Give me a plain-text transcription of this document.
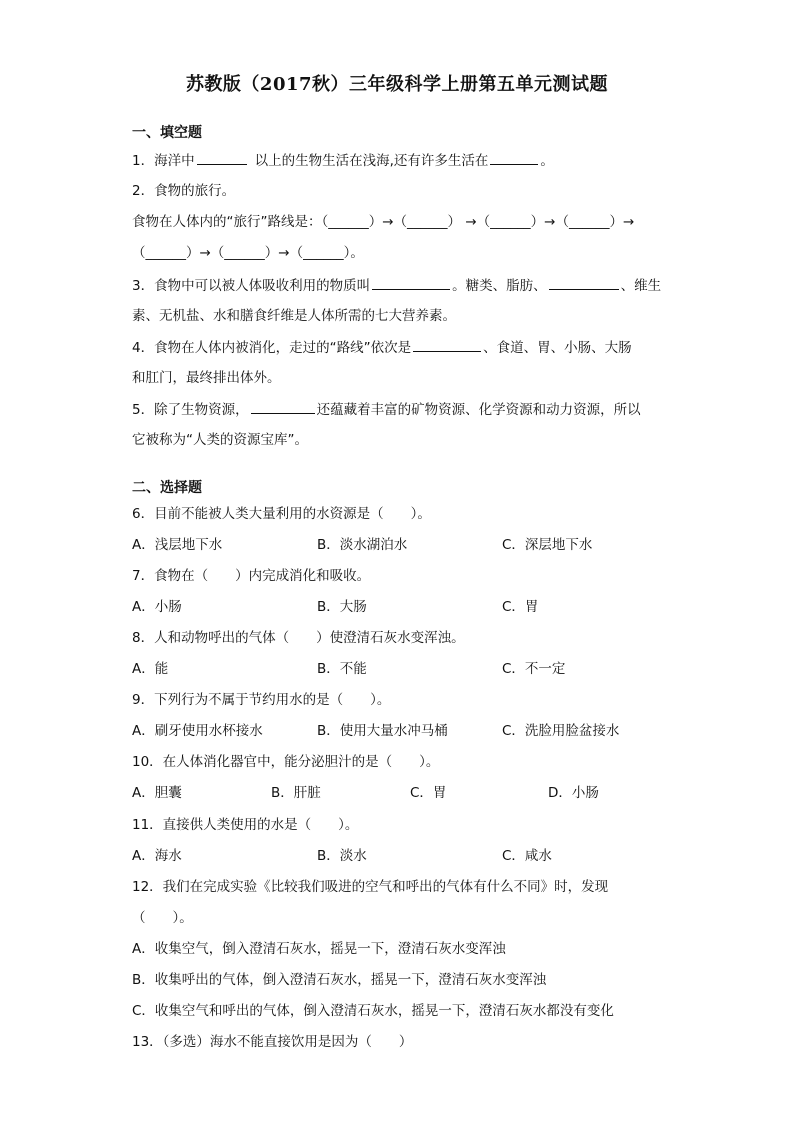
苏教版（2017秋）三年级科学上册第五单元测试题
一、填空题
1．海洋中	以上的生物生活在浅海,还有许多生活在	。
2．食物的旅行。
食物在人体内的“旅行”路线是：（______）→（______） →（______）→（______）→
（______）→（______）→（______）。
3．食物中可以被人体吸收利用的物质叫	。糖类、脂肪、	、维生
素、无机盐、水和膳食纤维是人体所需的七大营养素。
4．食物在人体内被消化，走过的“路线”依次是	、食道、胃、小肠、大肠
和肛门，最终排出体外。
5．除了生物资源，	还蕴藏着丰富的矿物资源、化学资源和动力资源，所以
它被称为“人类的资源宝库”。
二、选择题
6．目前不能被人类大量利用的水资源是（　　）。
A．浅层地下水	B．淡水湖泊水	C．深层地下水
7．食物在（　　）内完成消化和吸收。
A．小肠	B．大肠	C．胃
8．人和动物呼出的气体（　　）使澄清石灰水变浑浊。
A．能	B．不能	C．不一定
9．下列行为不属于节约用水的是（　　）。
A．刷牙使用水杯接水	B．使用大量水冲马桶	C．洗脸用脸盆接水
10．在人体消化器官中，能分泌胆汁的是（　　）。
A．胆囊	B．肝脏	C．胃	D．小肠
11．直接供人类使用的水是（　　）。
A．海水	B．淡水	C．咸水
12．我们在完成实验《比较我们吸进的空气和呼出的气体有什么不同》时，发现
（　　）。
A．收集空气，倒入澄清石灰水，摇晃一下，澄清石灰水变浑浊
B．收集呼出的气体，倒入澄清石灰水，摇晃一下，澄清石灰水变浑浊
C．收集空气和呼出的气体，倒入澄清石灰水，摇晃一下，澄清石灰水都没有变化
13．（多选）海水不能直接饮用是因为（　　）
